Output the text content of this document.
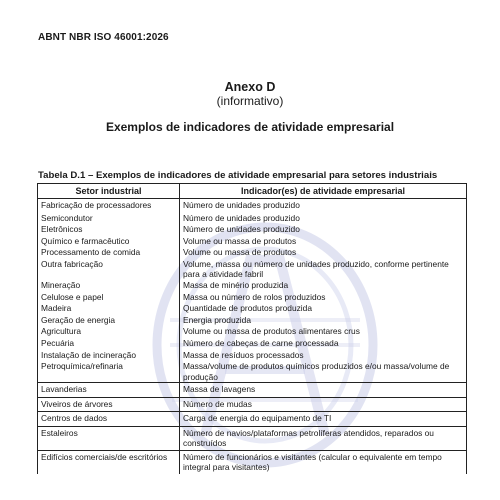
ABNT NBR ISO 46001:2026
Anexo D
(informativo)
Exemplos de indicadores de atividade empresarial
Tabela D.1 – Exemplos de indicadores de atividade empresarial para setores industriais
Setor industrial	Indicador(es) de atividade empresarial
Fabricação de processadores	Número de unidades produzido
Semicondutor	Número de unidades produzido
Eletrônicos	Número de unidades produzido
Químico e farmacêutico	Volume ou massa de produtos
Processamento de comida	Volume ou massa de produtos
Outra fabricação	Volume, massa ou número de unidades produzido, conforme pertinente para a atividade fabril
Mineração	Massa de minério produzida
Celulose e papel	Massa ou número de rolos produzidos
Madeira	Quantidade de produtos produzida
Geração de energia	Energia produzida
Agricultura	Volume ou massa de produtos alimentares crus
Pecuária	Número de cabeças de carne processada
Instalação de incineração	Massa de resíduos processados
Petroquímica/refinaria	Massa/volume de produtos químicos produzidos e/ou massa/volume de produção
Lavanderias	Massa de lavagens
Viveiros de árvores	Número de mudas
Centros de dados	Carga de energia do equipamento de TI
Estaleiros	Número de navios/plataformas petrolíferas atendidos, reparados ou construídos
Edifícios comerciais/de escritórios	Número de funcionários e visitantes (calcular o equivalente em tempo integral para visitantes)
